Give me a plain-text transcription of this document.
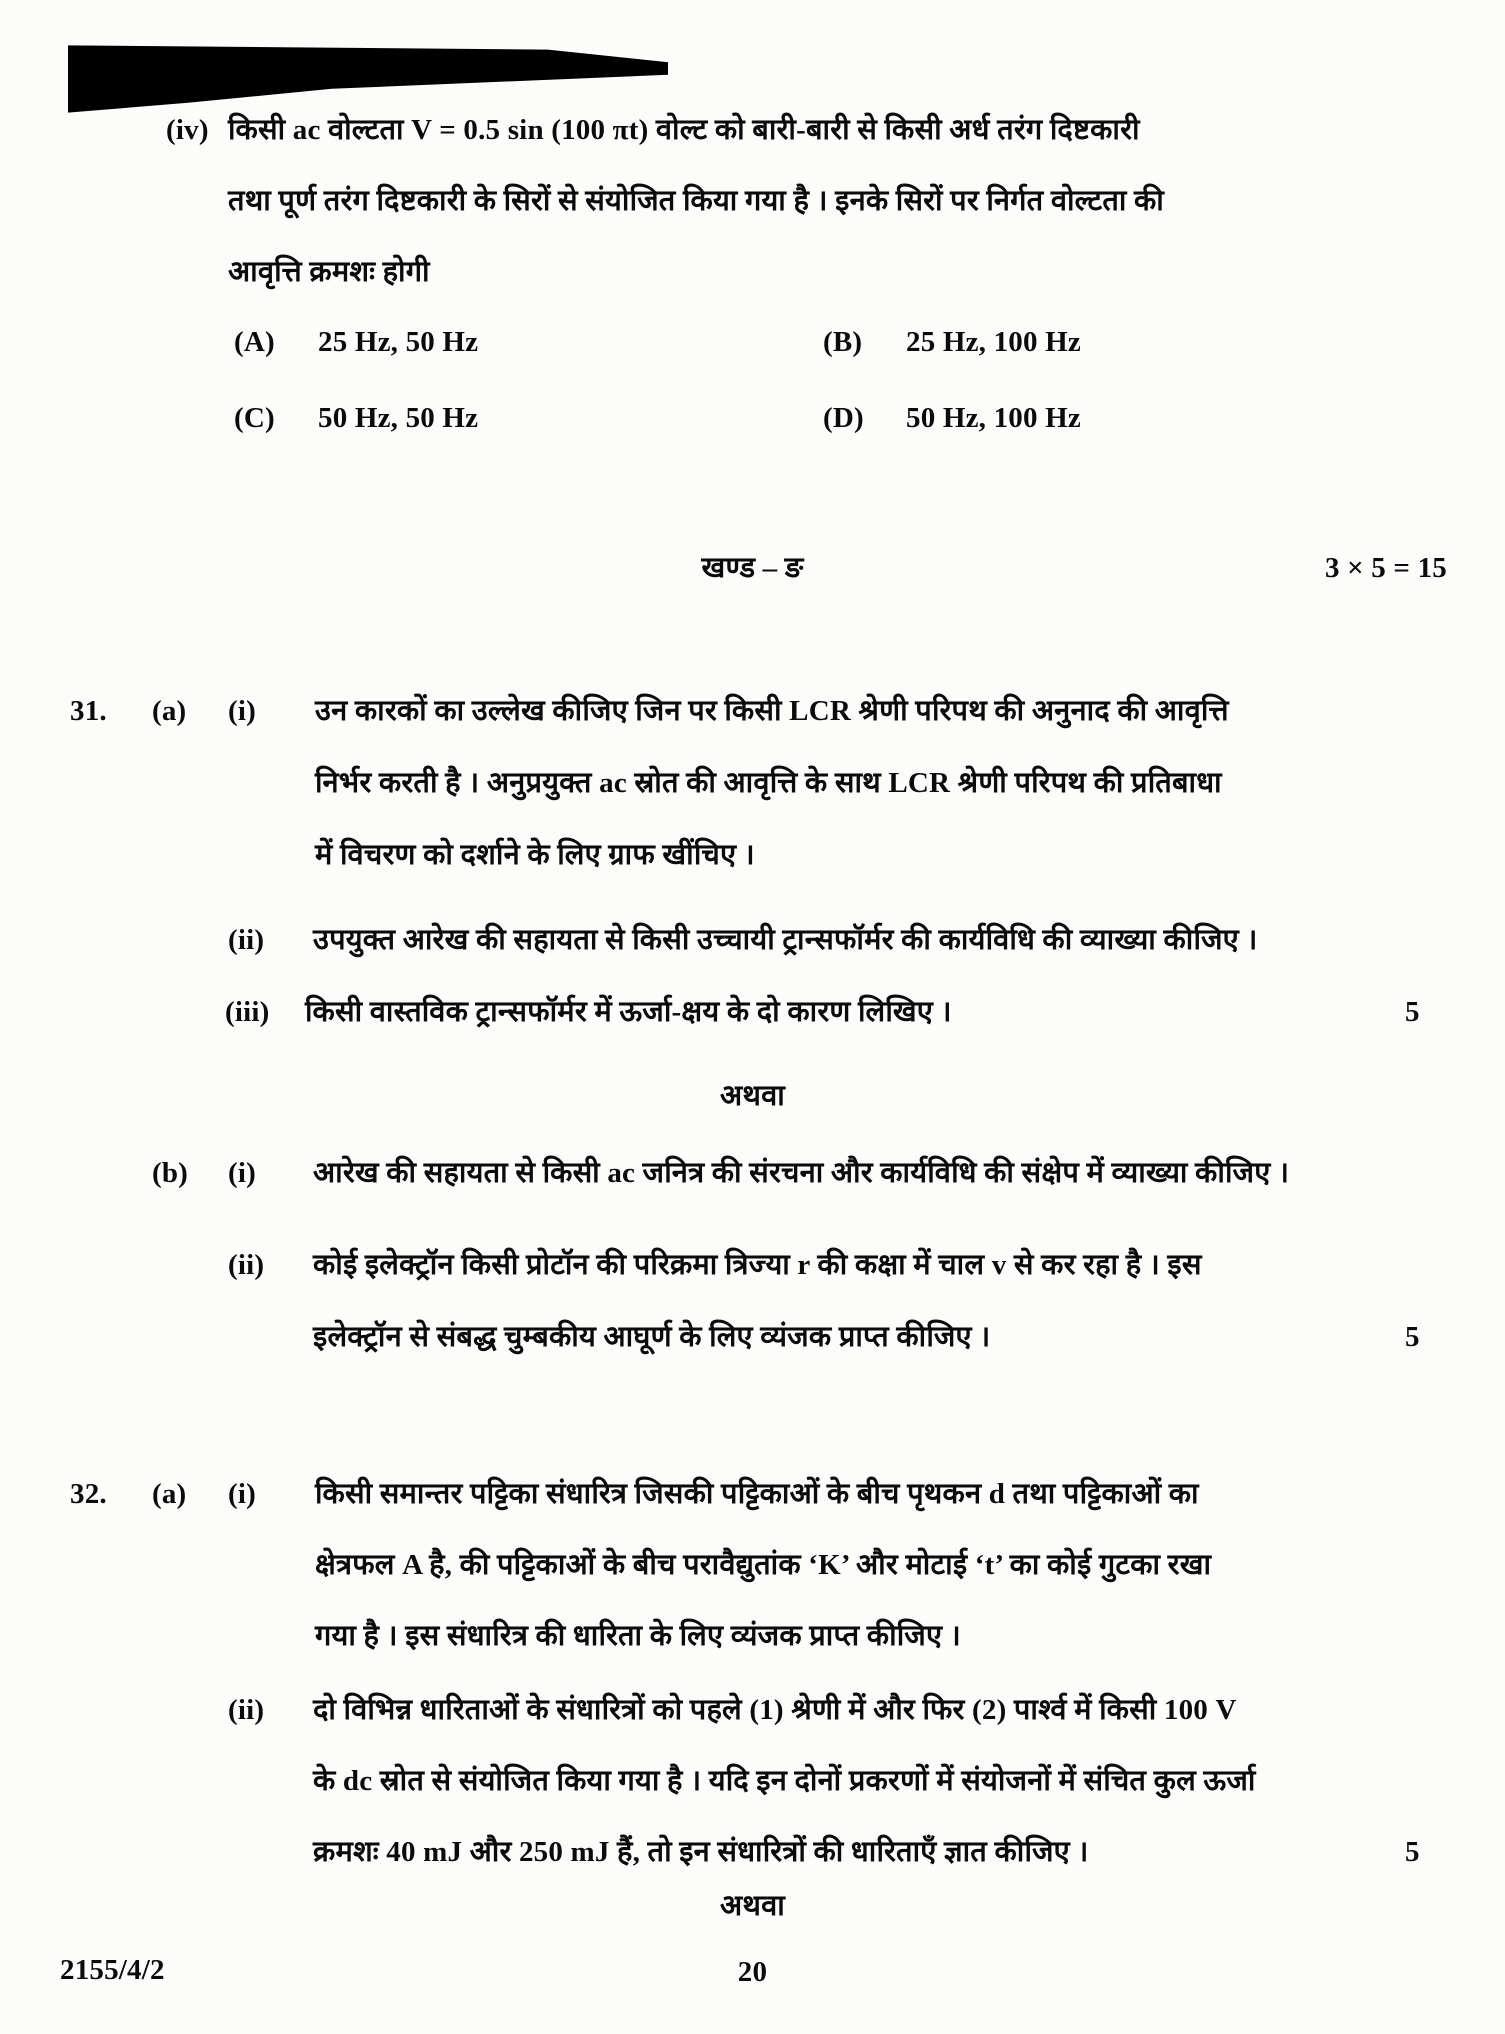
(iv) किसी ac वोल्टता V = 0.5 sin (100 πt) वोल्ट को बारी-बारी से किसी अर्ध तरंग दिष्टकारी
तथा पूर्ण तरंग दिष्टकारी के सिरों से संयोजित किया गया है । इनके सिरों पर निर्गत वोल्टता की
आवृत्ति क्रमशः होगी
(A) 25 Hz, 50 Hz	(B) 25 Hz, 100 Hz
(C) 50 Hz, 50 Hz	(D) 50 Hz, 100 Hz
खण्ड – ङ	3 × 5 = 15
31. (a) (i) उन कारकों का उल्लेख कीजिए जिन पर किसी LCR श्रेणी परिपथ की अनुनाद की आवृत्ति
निर्भर करती है । अनुप्रयुक्त ac स्रोत की आवृत्ति के साथ LCR श्रेणी परिपथ की प्रतिबाधा
में विचरण को दर्शाने के लिए ग्राफ खींचिए ।
(ii) उपयुक्त आरेख की सहायता से किसी उच्चायी ट्रान्सफॉर्मर की कार्यविधि की व्याख्या कीजिए ।
(iii) किसी वास्तविक ट्रान्सफॉर्मर में ऊर्जा-क्षय के दो कारण लिखिए ।	5
अथवा
(b) (i) आरेख की सहायता से किसी ac जनित्र की संरचना और कार्यविधि की संक्षेप में व्याख्या कीजिए ।
(ii) कोई इलेक्ट्रॉन किसी प्रोटॉन की परिक्रमा त्रिज्या r की कक्षा में चाल v से कर रहा है । इस
इलेक्ट्रॉन से संबद्ध चुम्बकीय आघूर्ण के लिए व्यंजक प्राप्त कीजिए ।	5
32. (a) (i) किसी समान्तर पट्टिका संधारित्र जिसकी पट्टिकाओं के बीच पृथकन d तथा पट्टिकाओं का
क्षेत्रफल A है, की पट्टिकाओं के बीच परावैद्युतांक ‘K’ और मोटाई ‘t’ का कोई गुटका रखा
गया है । इस संधारित्र की धारिता के लिए व्यंजक प्राप्त कीजिए ।
(ii) दो विभिन्न धारिताओं के संधारित्रों को पहले (1) श्रेणी में और फिर (2) पार्श्व में किसी 100 V
के dc स्रोत से संयोजित किया गया है । यदि इन दोनों प्रकरणों में संयोजनों में संचित कुल ऊर्जा
क्रमशः 40 mJ और 250 mJ हैं, तो इन संधारित्रों की धारिताएँ ज्ञात कीजिए ।	5
अथवा
2155/4/2	20
